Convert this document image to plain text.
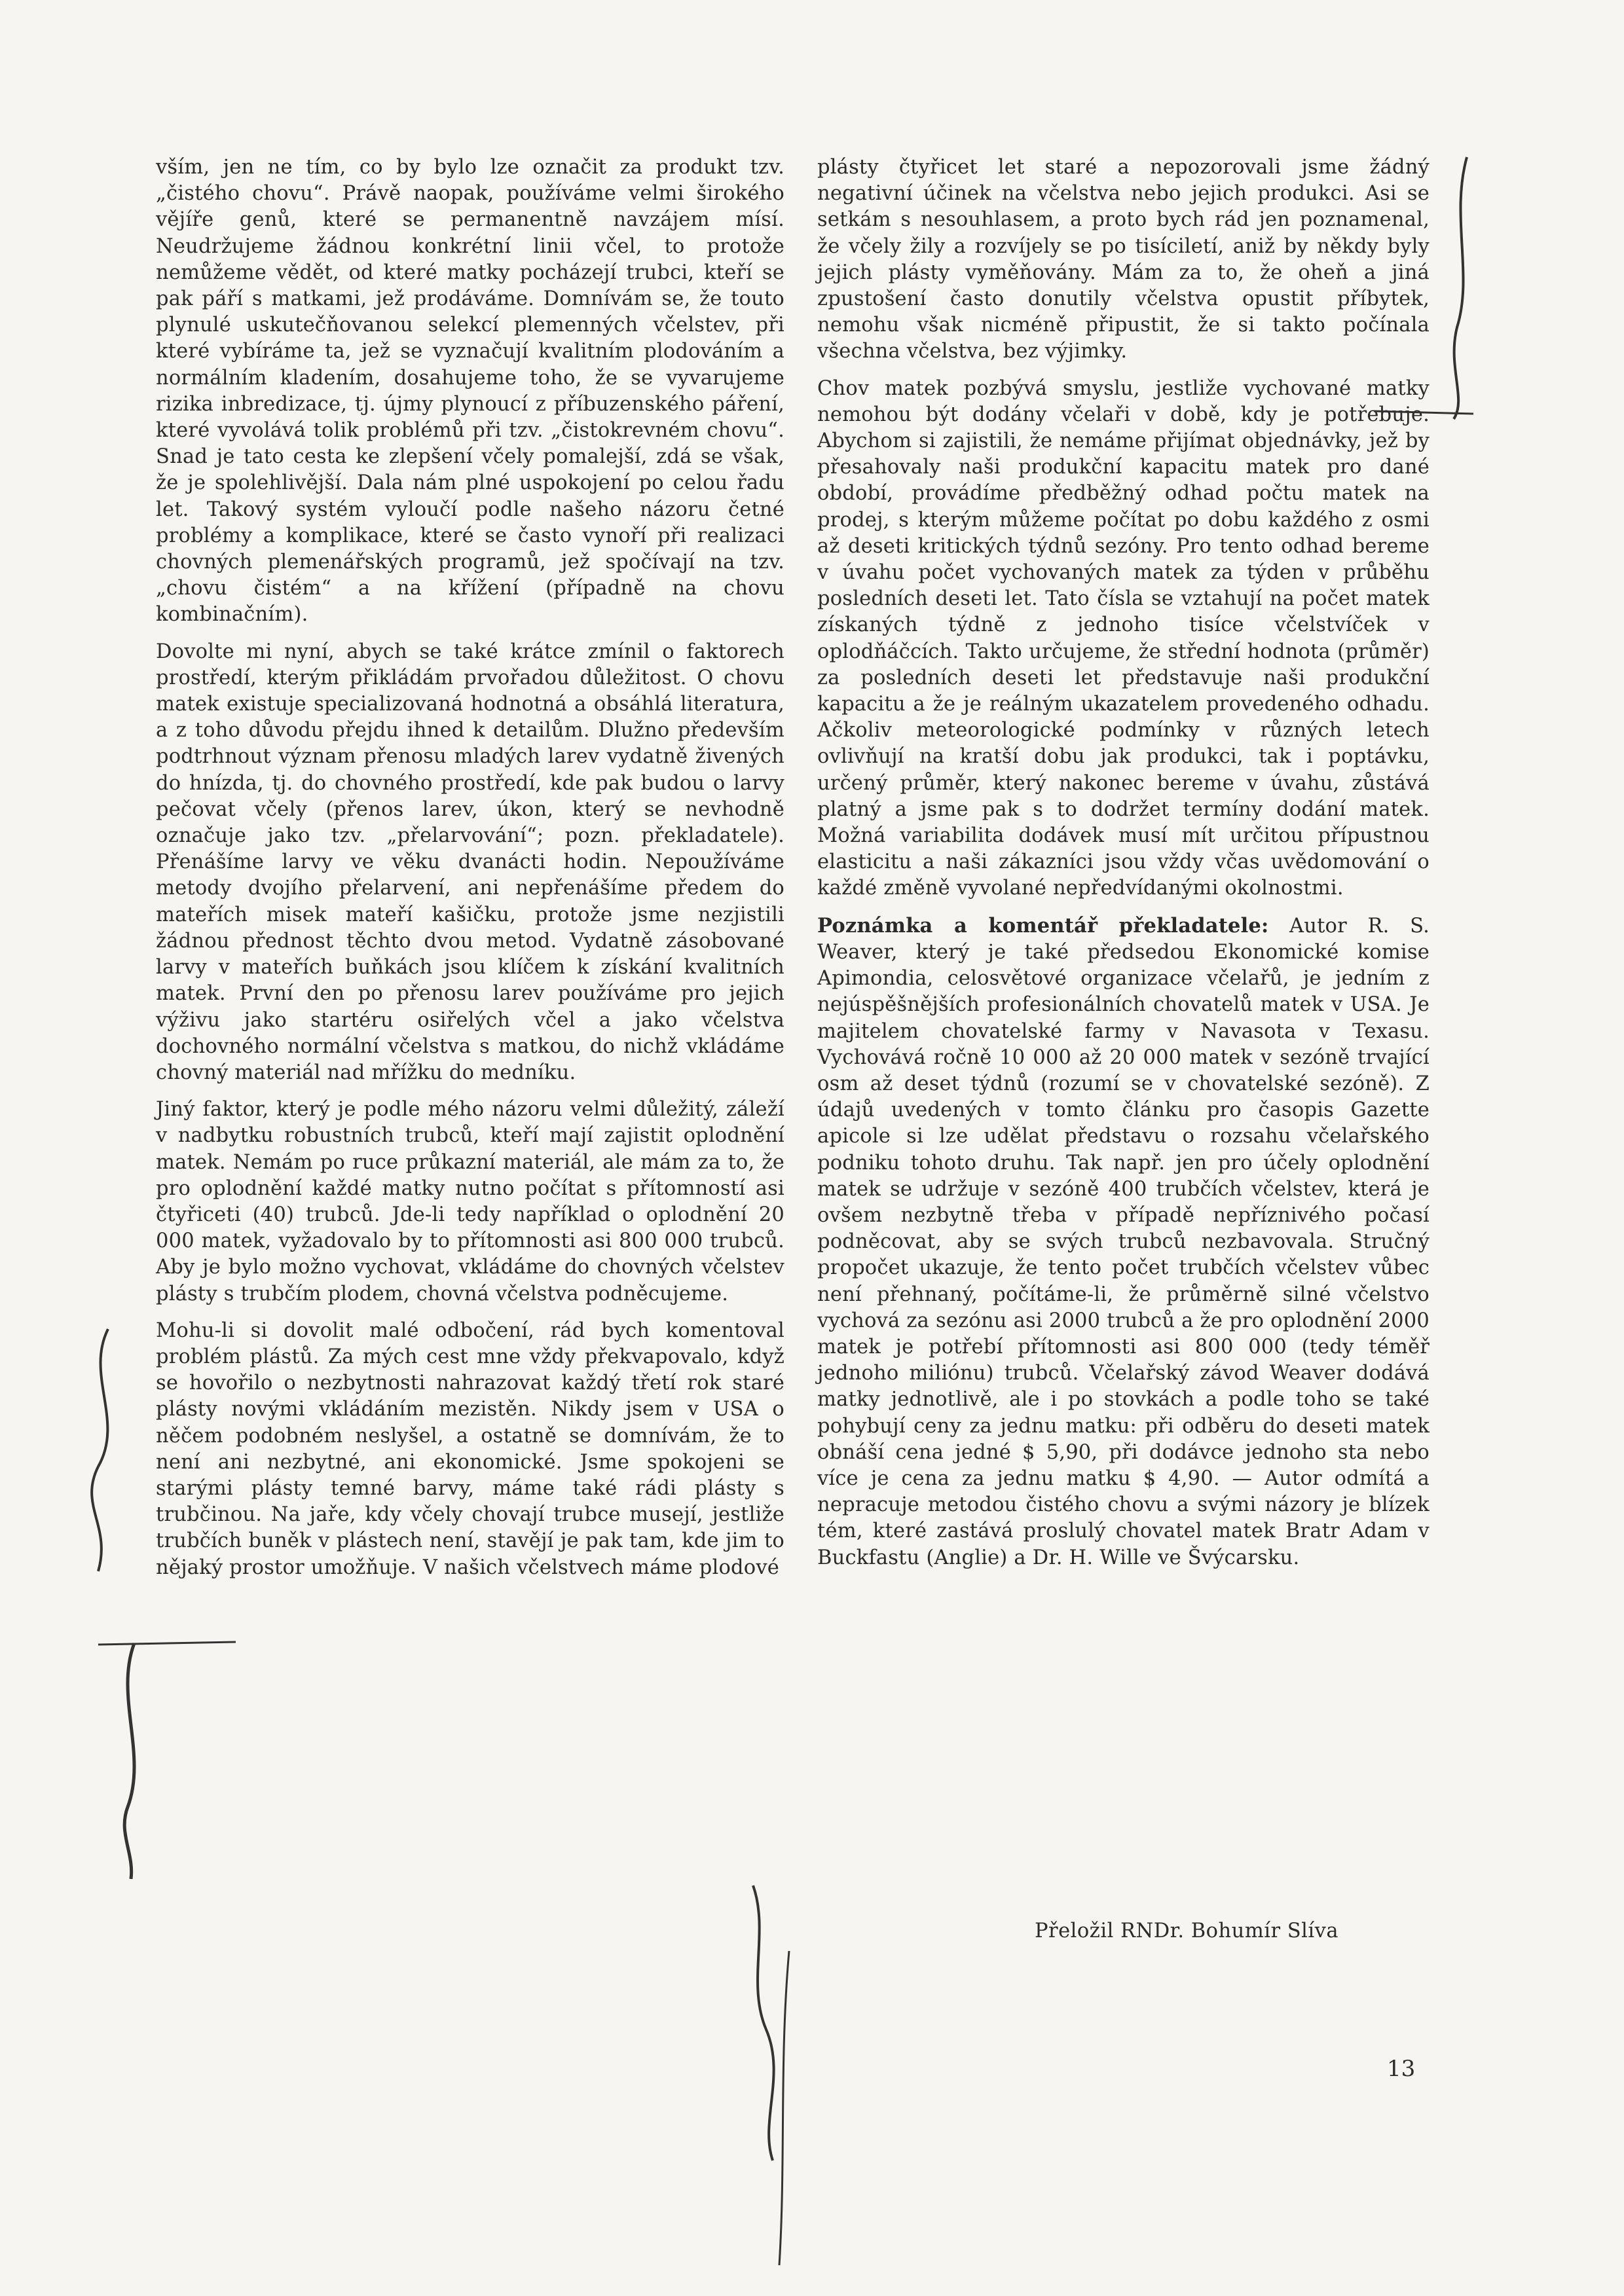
vším, jen ne tím, co by bylo lze označit za produkt tzv. „čistého chovu“. Právě naopak, používáme velmi širokého vějíře genů, které se permanentně navzájem mísí. Neudržujeme žádnou konkrétní linii včel, to protože nemůžeme vědět, od které matky pocházejí trubci, kteří se pak páří s matkami, jež prodáváme. Domnívám se, že touto plynulé uskutečňovanou selekcí plemenných včelstev, při které vybíráme ta, jež se vyznačují kvalitním plodováním a normálním kladením, dosahujeme toho, že se vyvarujeme rizika inbredizace, tj. újmy plynoucí z příbuzenského páření, které vyvolává tolik problémů při tzv. „čistokrevném chovu“. Snad je tato cesta ke zlepšení včely pomalejší, zdá se však, že je spolehlivější. Dala nám plné uspokojení po celou řadu let. Takový systém vyloučí podle našeho názoru četné problémy a komplikace, které se často vynoří při realizaci chovných plemenářských programů, jež spočívají na tzv. „chovu čistém“ a na křížení (případně na chovu kombinačním).

Dovolte mi nyní, abych se také krátce zmínil o faktorech prostředí, kterým přikládám prvořadou důležitost. O chovu matek existuje specializovaná hodnotná a obsáhlá literatura, a z toho důvodu přejdu ihned k detailům. Dlužno především podtrhnout význam přenosu mladých larev vydatně živených do hnízda, tj. do chovného prostředí, kde pak budou o larvy pečovat včely (přenos larev, úkon, který se nevhodně označuje jako tzv. „přelarvování“; pozn. překladatele). Přenášíme larvy ve věku dvanácti hodin. Nepoužíváme metody dvojího přelarvení, ani nepřenášíme předem do mateřích misek mateří kašičku, protože jsme nezjistili žádnou přednost těchto dvou metod. Vydatně zásobované larvy v mateřích buňkách jsou klíčem k získání kvalitních matek. První den po přenosu larev používáme pro jejich výživu jako startéru osiřelých včel a jako včelstva dochovného normální včelstva s matkou, do nichž vkládáme chovný materiál nad mřížku do medníku.

Jiný faktor, který je podle mého názoru velmi důležitý, záleží v nadbytku robustních trubců, kteří mají zajistit oplodnění matek. Nemám po ruce průkazní materiál, ale mám za to, že pro oplodnění každé matky nutno počítat s přítomností asi čtyřiceti (40) trubců. Jde-li tedy například o oplodnění 20 000 matek, vyžadovalo by to přítomnosti asi 800 000 trubců. Aby je bylo možno vychovat, vkládáme do chovných včelstev plásty s trubčím plodem, chovná včelstva podněcujeme.

Mohu-li si dovolit malé odbočení, rád bych komentoval problém plástů. Za mých cest mne vždy překvapovalo, když se hovořilo o nezbytnosti nahrazovat každý třetí rok staré plásty novými vkládáním mezistěn. Nikdy jsem v USA o něčem podobném neslyšel, a ostatně se domnívám, že to není ani nezbytné, ani ekonomické. Jsme spokojeni se starými plásty temné barvy, máme také rádi plásty s trubčinou. Na jaře, kdy včely chovají trubce musejí, jestliže trubčích buněk v plástech není, stavějí je pak tam, kde jim to nějaký prostor umožňuje. V našich včelstvech máme plodové

plásty čtyřicet let staré a nepozorovali jsme žádný negativní účinek na včelstva nebo jejich produkci. Asi se setkám s nesouhlasem, a proto bych rád jen poznamenal, že včely žily a rozvíjely se po tisíciletí, aniž by někdy byly jejich plásty vyměňovány. Mám za to, že oheň a jiná zpustošení často donutily včelstva opustit příbytek, nemohu však nicméně připustit, že si takto počínala všechna včelstva, bez výjimky.

Chov matek pozbývá smyslu, jestliže vychované matky nemohou být dodány včelaři v době, kdy je potřebuje. Abychom si zajistili, že nemáme přijímat objednávky, jež by přesahovaly naši produkční kapacitu matek pro dané období, provádíme předběžný odhad počtu matek na prodej, s kterým můžeme počítat po dobu každého z osmi až deseti kritických týdnů sezóny. Pro tento odhad bereme v úvahu počet vychovaných matek za týden v průběhu posledních deseti let. Tato čísla se vztahují na počet matek získaných týdně z jednoho tisíce včelstvíček v oplodňáčcích. Takto určujeme, že střední hodnota (průměr) za posledních deseti let představuje naši produkční kapacitu a že je reálným ukazatelem provedeného odhadu. Ačkoliv meteorologické podmínky v různých letech ovlivňují na kratší dobu jak produkci, tak i poptávku, určený průměr, který nakonec bereme v úvahu, zůstává platný a jsme pak s to dodržet termíny dodání matek. Možná variabilita dodávek musí mít určitou přípustnou elasticitu a naši zákazníci jsou vždy včas uvědomování o každé změně vyvolané nepředvídanými okolnostmi.

Poznámka a komentář překladatele: Autor R. S. Weaver, který je také předsedou Ekonomické komise Apimondia, celosvětové organizace včelařů, je jedním z nejúspěšnějších profesionálních chovatelů matek v USA. Je majitelem chovatelské farmy v Navasota v Texasu. Vychovává ročně 10 000 až 20 000 matek v sezóně trvající osm až deset týdnů (rozumí se v chovatelské sezóně). Z údajů uvedených v tomto článku pro časopis Gazette apicole si lze udělat představu o rozsahu včelařského podniku tohoto druhu. Tak např. jen pro účely oplodnění matek se udržuje v sezóně 400 trubčích včelstev, která je ovšem nezbytně třeba v případě nepříznivého počasí podněcovat, aby se svých trubců nezbavovala. Stručný propočet ukazuje, že tento počet trubčích včelstev vůbec není přehnaný, počítáme-li, že průměrně silné včelstvo vychová za sezónu asi 2000 trubců a že pro oplodnění 2000 matek je potřebí přítomnosti asi 800 000 (tedy téměř jednoho miliónu) trubců. Včelařský závod Weaver dodává matky jednotlivě, ale i po stovkách a podle toho se také pohybují ceny za jednu matku: při odběru do deseti matek obnáší cena jedné $ 5,90, při dodávce jednoho sta nebo více je cena za jednu matku $ 4,90. — Autor odmítá a nepracuje metodou čistého chovu a svými názory je blízek tém, které zastává proslulý chovatel matek Bratr Adam v Buckfastu (Anglie) a Dr. H. Wille ve Švýcarsku.

Přeložil RNDr. Bohumír Slíva
13
